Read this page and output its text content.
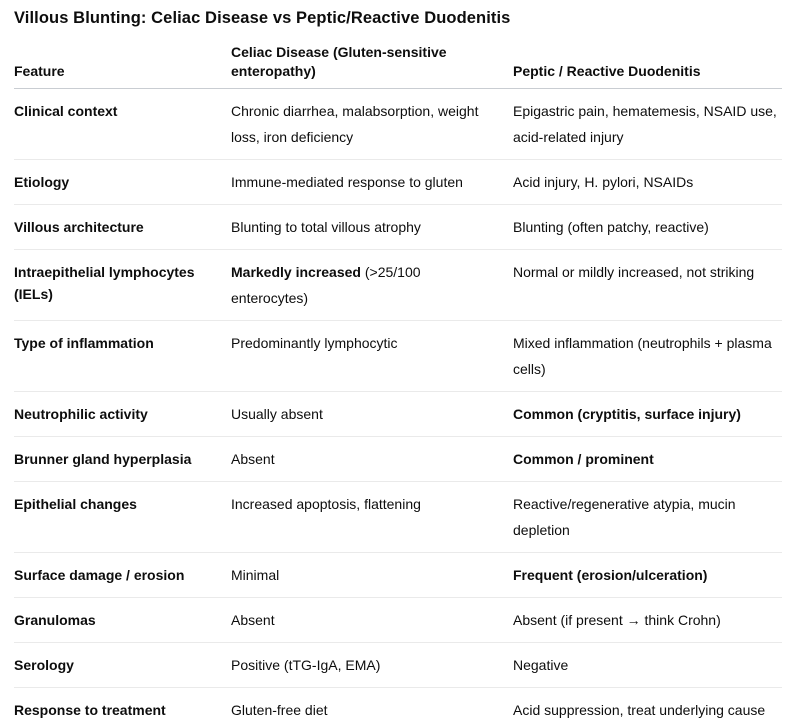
Villous Blunting: Celiac Disease vs Peptic/Reactive Duodenitis
Feature	Celiac Disease (Gluten-sensitive enteropathy)	Peptic / Reactive Duodenitis
Clinical context	Chronic diarrhea, malabsorption, weight loss, iron deficiency	Epigastric pain, hematemesis, NSAID use, acid-related injury
Etiology	Immune-mediated response to gluten	Acid injury, H. pylori, NSAIDs
Villous architecture	Blunting to total villous atrophy	Blunting (often patchy, reactive)
Intraepithelial lymphocytes (IELs)	Markedly increased (>25/100 enterocytes)	Normal or mildly increased, not striking
Type of inflammation	Predominantly lymphocytic	Mixed inflammation (neutrophils + plasma cells)
Neutrophilic activity	Usually absent	Common (cryptitis, surface injury)
Brunner gland hyperplasia	Absent	Common / prominent
Epithelial changes	Increased apoptosis, flattening	Reactive/regenerative atypia, mucin depletion
Surface damage / erosion	Minimal	Frequent (erosion/ulceration)
Granulomas	Absent	Absent (if present → think Crohn)
Serology	Positive (tTG-IgA, EMA)	Negative
Response to treatment	Gluten-free diet	Acid suppression, treat underlying cause
